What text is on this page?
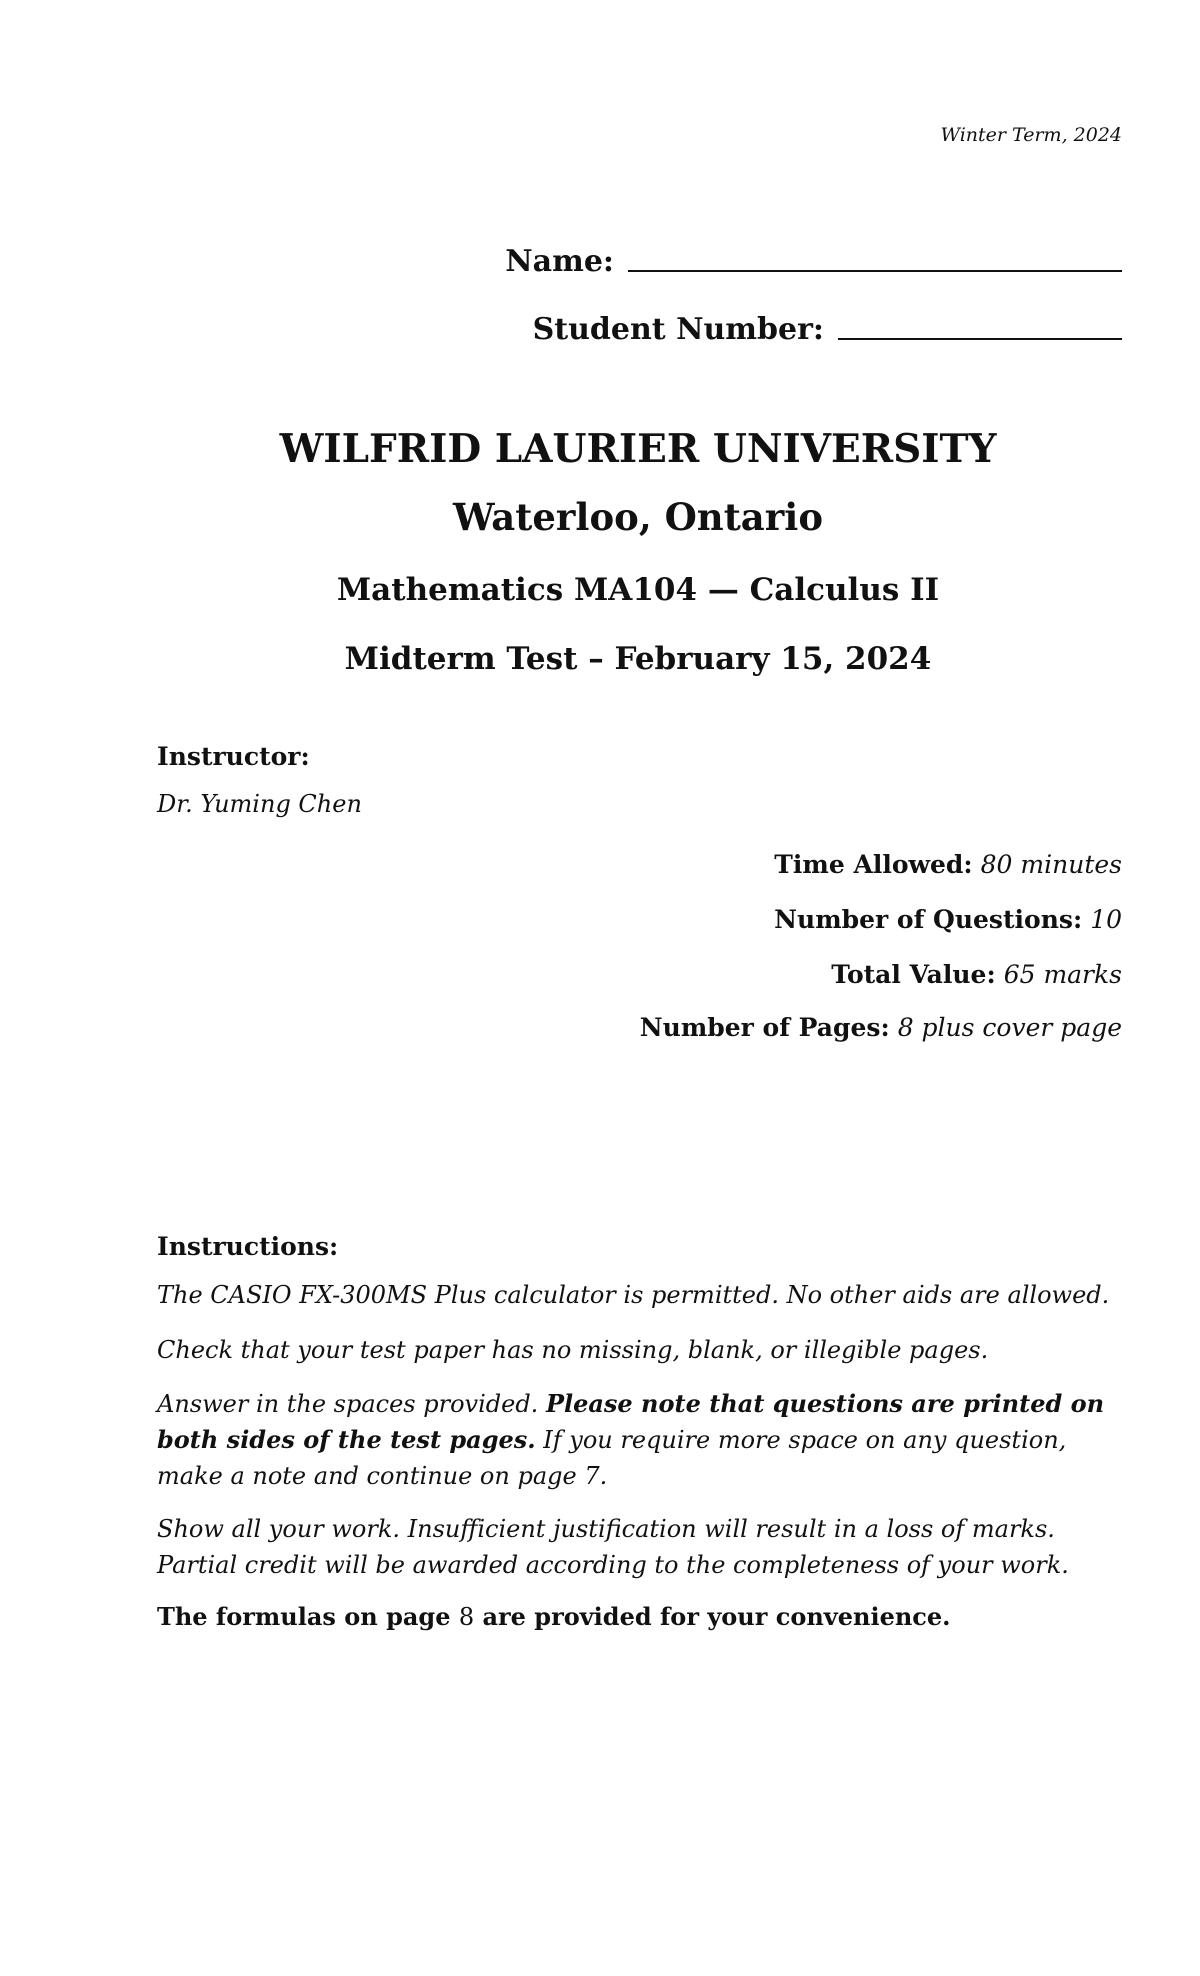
Winter Term, 2024
Name:
Student Number:
WILFRID LAURIER UNIVERSITY
Waterloo, Ontario
Mathematics MA104 — Calculus II
Midterm Test – February 15, 2024
Instructor:
Dr. Yuming Chen
Time Allowed: 80 minutes
Number of Questions: 10
Total Value: 65 marks
Number of Pages: 8 plus cover page
Instructions:
The CASIO FX-300MS Plus calculator is permitted. No other aids are allowed.
Check that your test paper has no missing, blank, or illegible pages.
Answer in the spaces provided. Please note that questions are printed on both sides of the test pages. If you require more space on any question, make a note and continue on page 7.
Show all your work. Insufficient justification will result in a loss of marks. Partial credit will be awarded according to the completeness of your work.
The formulas on page 8 are provided for your convenience.
